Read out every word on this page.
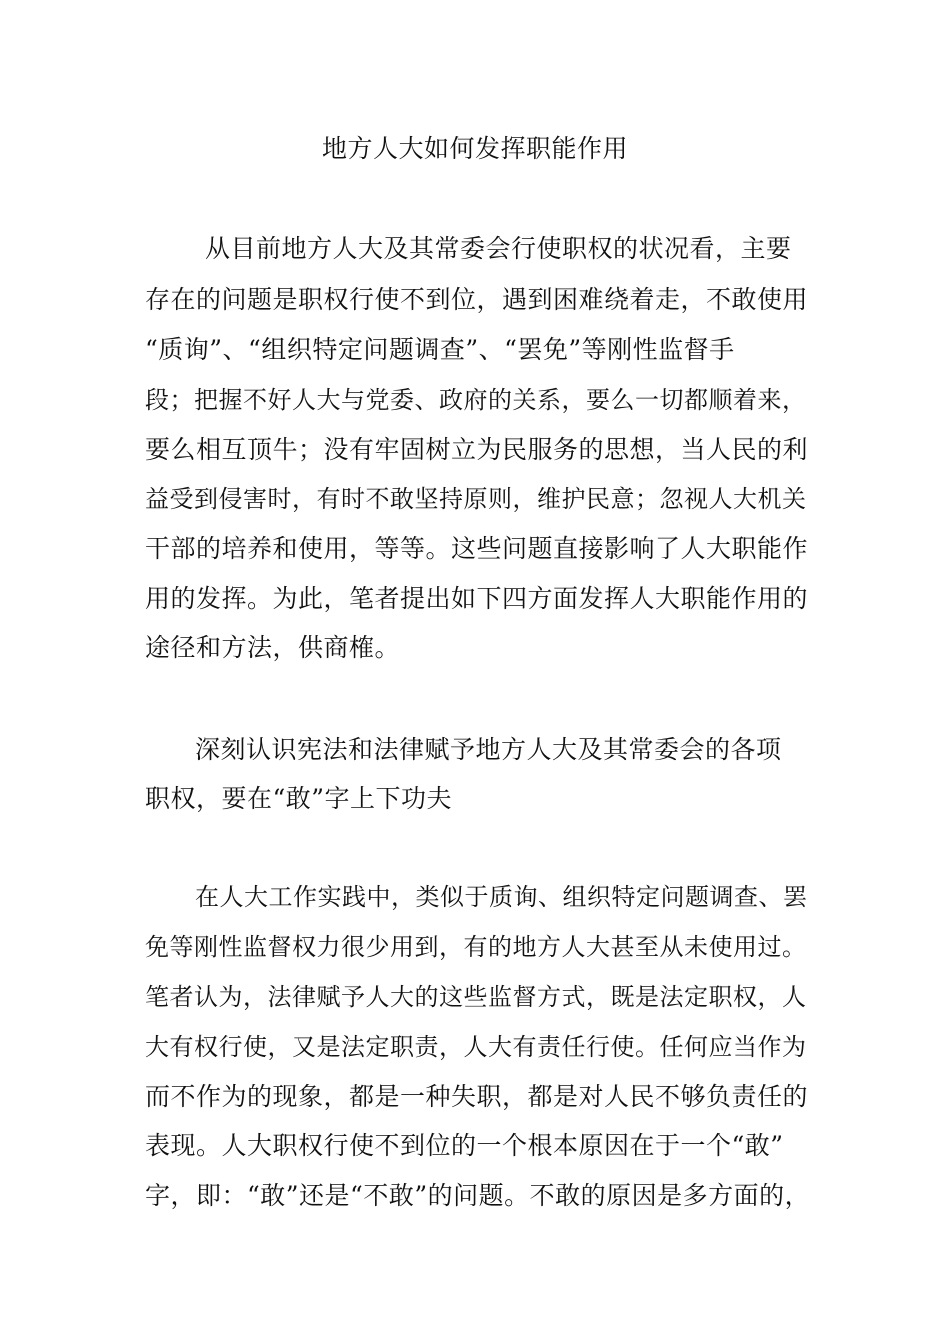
地方人大如何发挥职能作用
从目前地方人大及其常委会行使职权的状况看，主要
存在的问题是职权行使不到位，遇到困难绕着走，不敢使用
“质询”、“组织特定问题调查”、“罢免”等刚性监督手
段；把握不好人大与党委、政府的关系，要么一切都顺着来，
要么相互顶牛；没有牢固树立为民服务的思想，当人民的利
益受到侵害时，有时不敢坚持原则，维护民意；忽视人大机关
干部的培养和使用，等等。这些问题直接影响了人大职能作
用的发挥。为此，笔者提出如下四方面发挥人大职能作用的
途径和方法，供商榷。
深刻认识宪法和法律赋予地方人大及其常委会的各项
职权，要在“敢”字上下功夫
在人大工作实践中，类似于质询、组织特定问题调查、罢
免等刚性监督权力很少用到，有的地方人大甚至从未使用过。
笔者认为，法律赋予人大的这些监督方式，既是法定职权，人
大有权行使，又是法定职责，人大有责任行使。任何应当作为
而不作为的现象，都是一种失职，都是对人民不够负责任的
表现。人大职权行使不到位的一个根本原因在于一个“敢”
字，即：“敢”还是“不敢”的问题。不敢的原因是多方面的，
